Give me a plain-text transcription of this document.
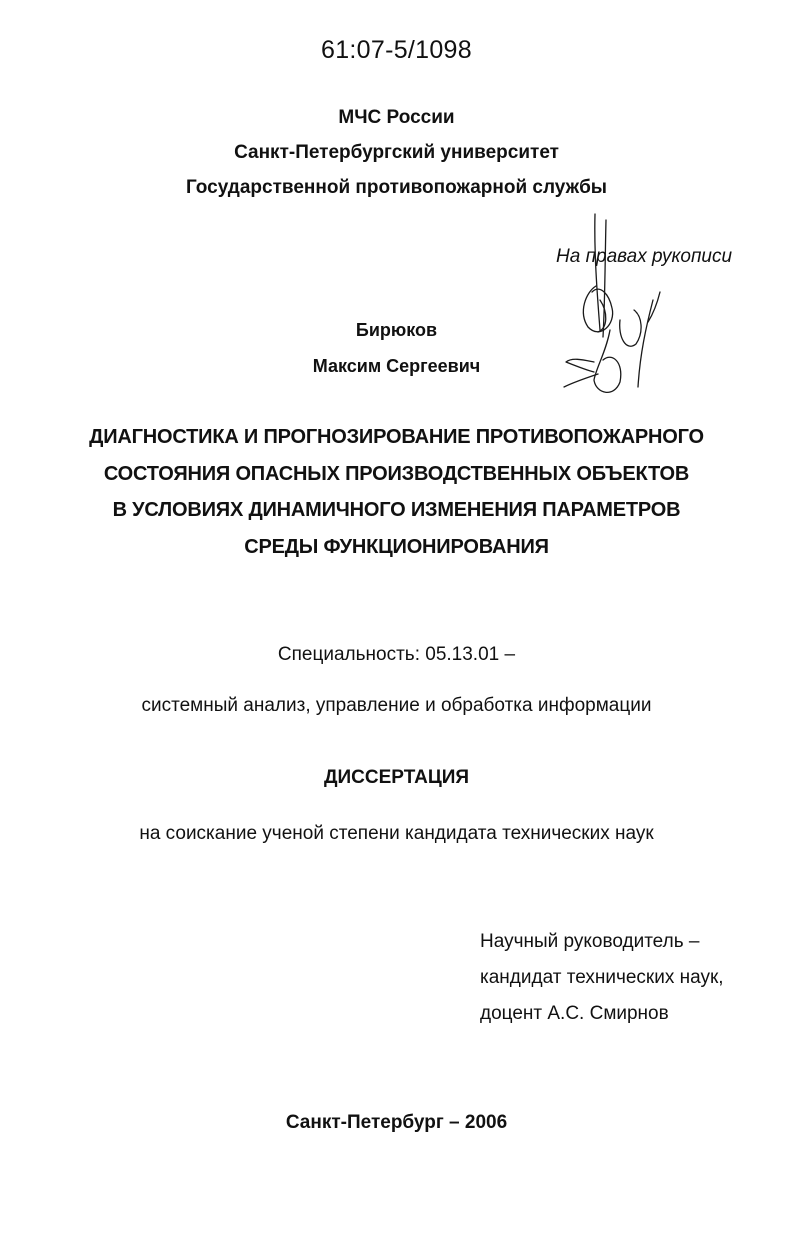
61:07-5/1098
МЧС России
Санкт-Петербургский университет
Государственной противопожарной службы
На правах рукописи
Бирюков
Максим Сергеевич
ДИАГНОСТИКА И ПРОГНОЗИРОВАНИЕ ПРОТИВОПОЖАРНОГО
СОСТОЯНИЯ ОПАСНЫХ ПРОИЗВОДСТВЕННЫХ ОБЪЕКТОВ
В УСЛОВИЯХ ДИНАМИЧНОГО ИЗМЕНЕНИЯ ПАРАМЕТРОВ
СРЕДЫ ФУНКЦИОНИРОВАНИЯ
Специальность: 05.13.01 –
системный анализ, управление и обработка информации
ДИССЕРТАЦИЯ
на соискание ученой степени кандидата технических наук
Научный руководитель –
кандидат технических наук,
доцент А.С. Смирнов
Санкт-Петербург – 2006
